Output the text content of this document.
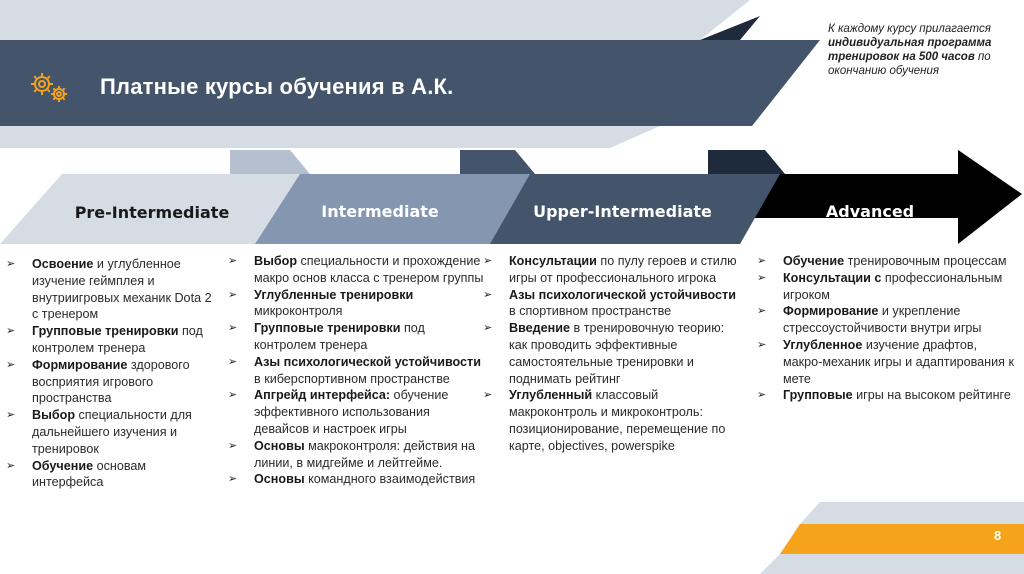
Платные курсы обучения в А.К.
К каждому курсу прилагается индивидуальная программа тренировок на 500 часов по окончанию обучения
Pre-Intermediate	Intermediate	Upper-Intermediate	Advanced
➢ Освоение и углубленное изучение геймплея и внутриигровых механик Dota 2 с тренером
➢ Групповые тренировки под контролем тренера
➢ Формирование здорового восприятия игрового пространства
➢ Выбор специальности для дальнейшего изучения и тренировок
➢ Обучение основам интерфейса
➢ Выбор специальности и прохождение макро основ класса с тренером группы
➢ Углубленные тренировки микроконтроля
➢ Групповые тренировки под контролем тренера
➢ Азы психологической устойчивости в киберспортивном пространстве
➢ Апгрейд интерфейса: обучение эффективного использования девайсов и настроек игры
➢ Основы макроконтроля: действия на линии, в мидгейме и лейтгейме.
➢ Основы командного взаимодействия
➢ Консультации по пулу героев и стилю игры от профессионального игрока
➢ Азы психологической устойчивости в спортивном пространстве
➢ Введение в тренировочную теорию: как проводить эффективные самостоятельные тренировки и поднимать рейтинг
➢ Углубленный классовый макроконтроль и микроконтроль: позиционирование, перемещение по карте, objectives, powerspike
➢ Обучение тренировочным процессам
➢ Консультации с профессиональным игроком
➢ Формирование и укрепление стрессоустойчивости внутри игры
➢ Углубленное изучение драфтов, макро-механик игры и адаптирования к мете
➢ Групповые игры на высоком рейтинге
8
